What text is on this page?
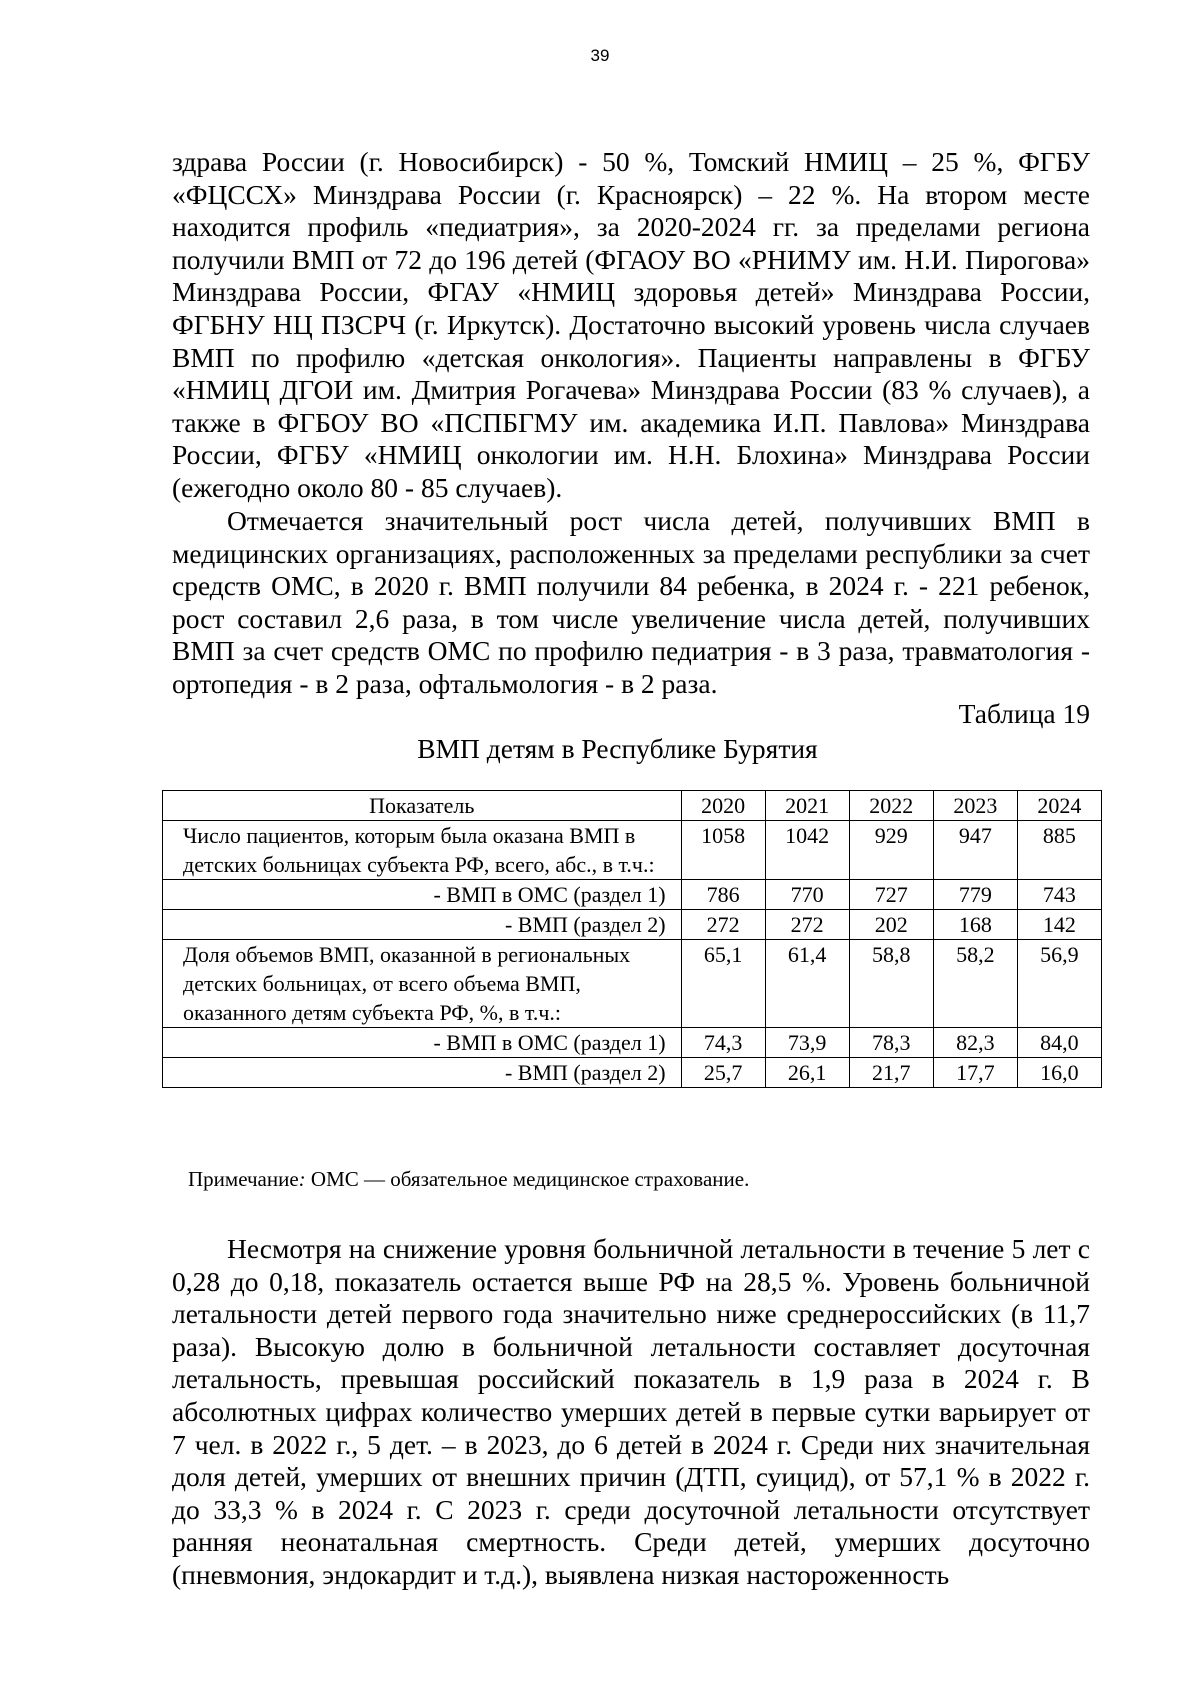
39

здрава России (г. Новосибирск) - 50 %, Томский НМИЦ – 25 %, ФГБУ «ФЦССХ» Минздрава России (г. Красноярск) – 22 %. На втором месте находится профиль «педиатрия», за 2020-2024 гг. за пределами региона получили ВМП от 72 до 196 детей (ФГАОУ ВО «РНИМУ им. Н.И. Пирогова» Минздрава России, ФГАУ «НМИЦ здоровья детей» Минздрава России, ФГБНУ НЦ ПЗСРЧ (г. Иркутск). Достаточно высокий уровень числа случаев ВМП по профилю «детская онкология». Пациенты направлены в ФГБУ «НМИЦ ДГОИ им. Дмитрия Рогачева» Минздрава России (83 % случаев), а также в ФГБОУ ВО «ПСПБГМУ им. академика И.П. Павлова» Минздрава России, ФГБУ «НМИЦ онкологии им. Н.Н. Блохина» Минздрава России (ежегодно около 80 - 85 случаев).

Отмечается значительный рост числа детей, получивших ВМП в медицинских организациях, расположенных за пределами республики за счет средств ОМС, в 2020 г. ВМП получили 84 ребенка, в 2024 г. - 221 ребенок, рост составил 2,6 раза, в том числе увеличение числа детей, получивших ВМП за счет средств ОМС по профилю педиатрия - в 3 раза, травматология - ортопедия - в 2 раза, офтальмология - в 2 раза.

Таблица 19
ВМП детям в Республике Бурятия
Показатель	2020	2021	2022	2023	2024
Число пациентов, которым была оказана ВМП в детских больницах субъекта РФ, всего, абс., в т.ч.:	1058	1042	929	947	885
- ВМП в ОМС (раздел 1)	786	770	727	779	743
- ВМП (раздел 2)	272	272	202	168	142
Доля объемов ВМП, оказанной в региональных детских больницах, от всего объема ВМП, оказанного детям субъекта РФ, %, в т.ч.:	65,1	61,4	58,8	58,2	56,9
- ВМП в ОМС (раздел 1)	74,3	73,9	78,3	82,3	84,0
- ВМП (раздел 2)	25,7	26,1	21,7	17,7	16,0
Примечание: ОМС — обязательное медицинское страхование.

Несмотря на снижение уровня больничной летальности в течение 5 лет с 0,28 до 0,18, показатель остается выше РФ на 28,5 %. Уровень больничной летальности детей первого года значительно ниже среднероссийских (в 11,7 раза). Высокую долю в больничной летальности составляет досуточная летальность, превышая российский показатель в 1,9 раза в 2024 г. В абсолютных цифрах количество умерших детей в первые сутки варьирует от 7 чел. в 2022 г., 5 дет. – в 2023, до 6 детей в 2024 г. Среди них значительная доля детей, умерших от внешних причин (ДТП, суицид), от 57,1 % в 2022 г. до 33,3 % в 2024 г. С 2023 г. среди досуточной летальности отсутствует ранняя неонатальная смертность. Среди детей, умерших досуточно (пневмония, эндокардит и т.д.), выявлена низкая настороженность
